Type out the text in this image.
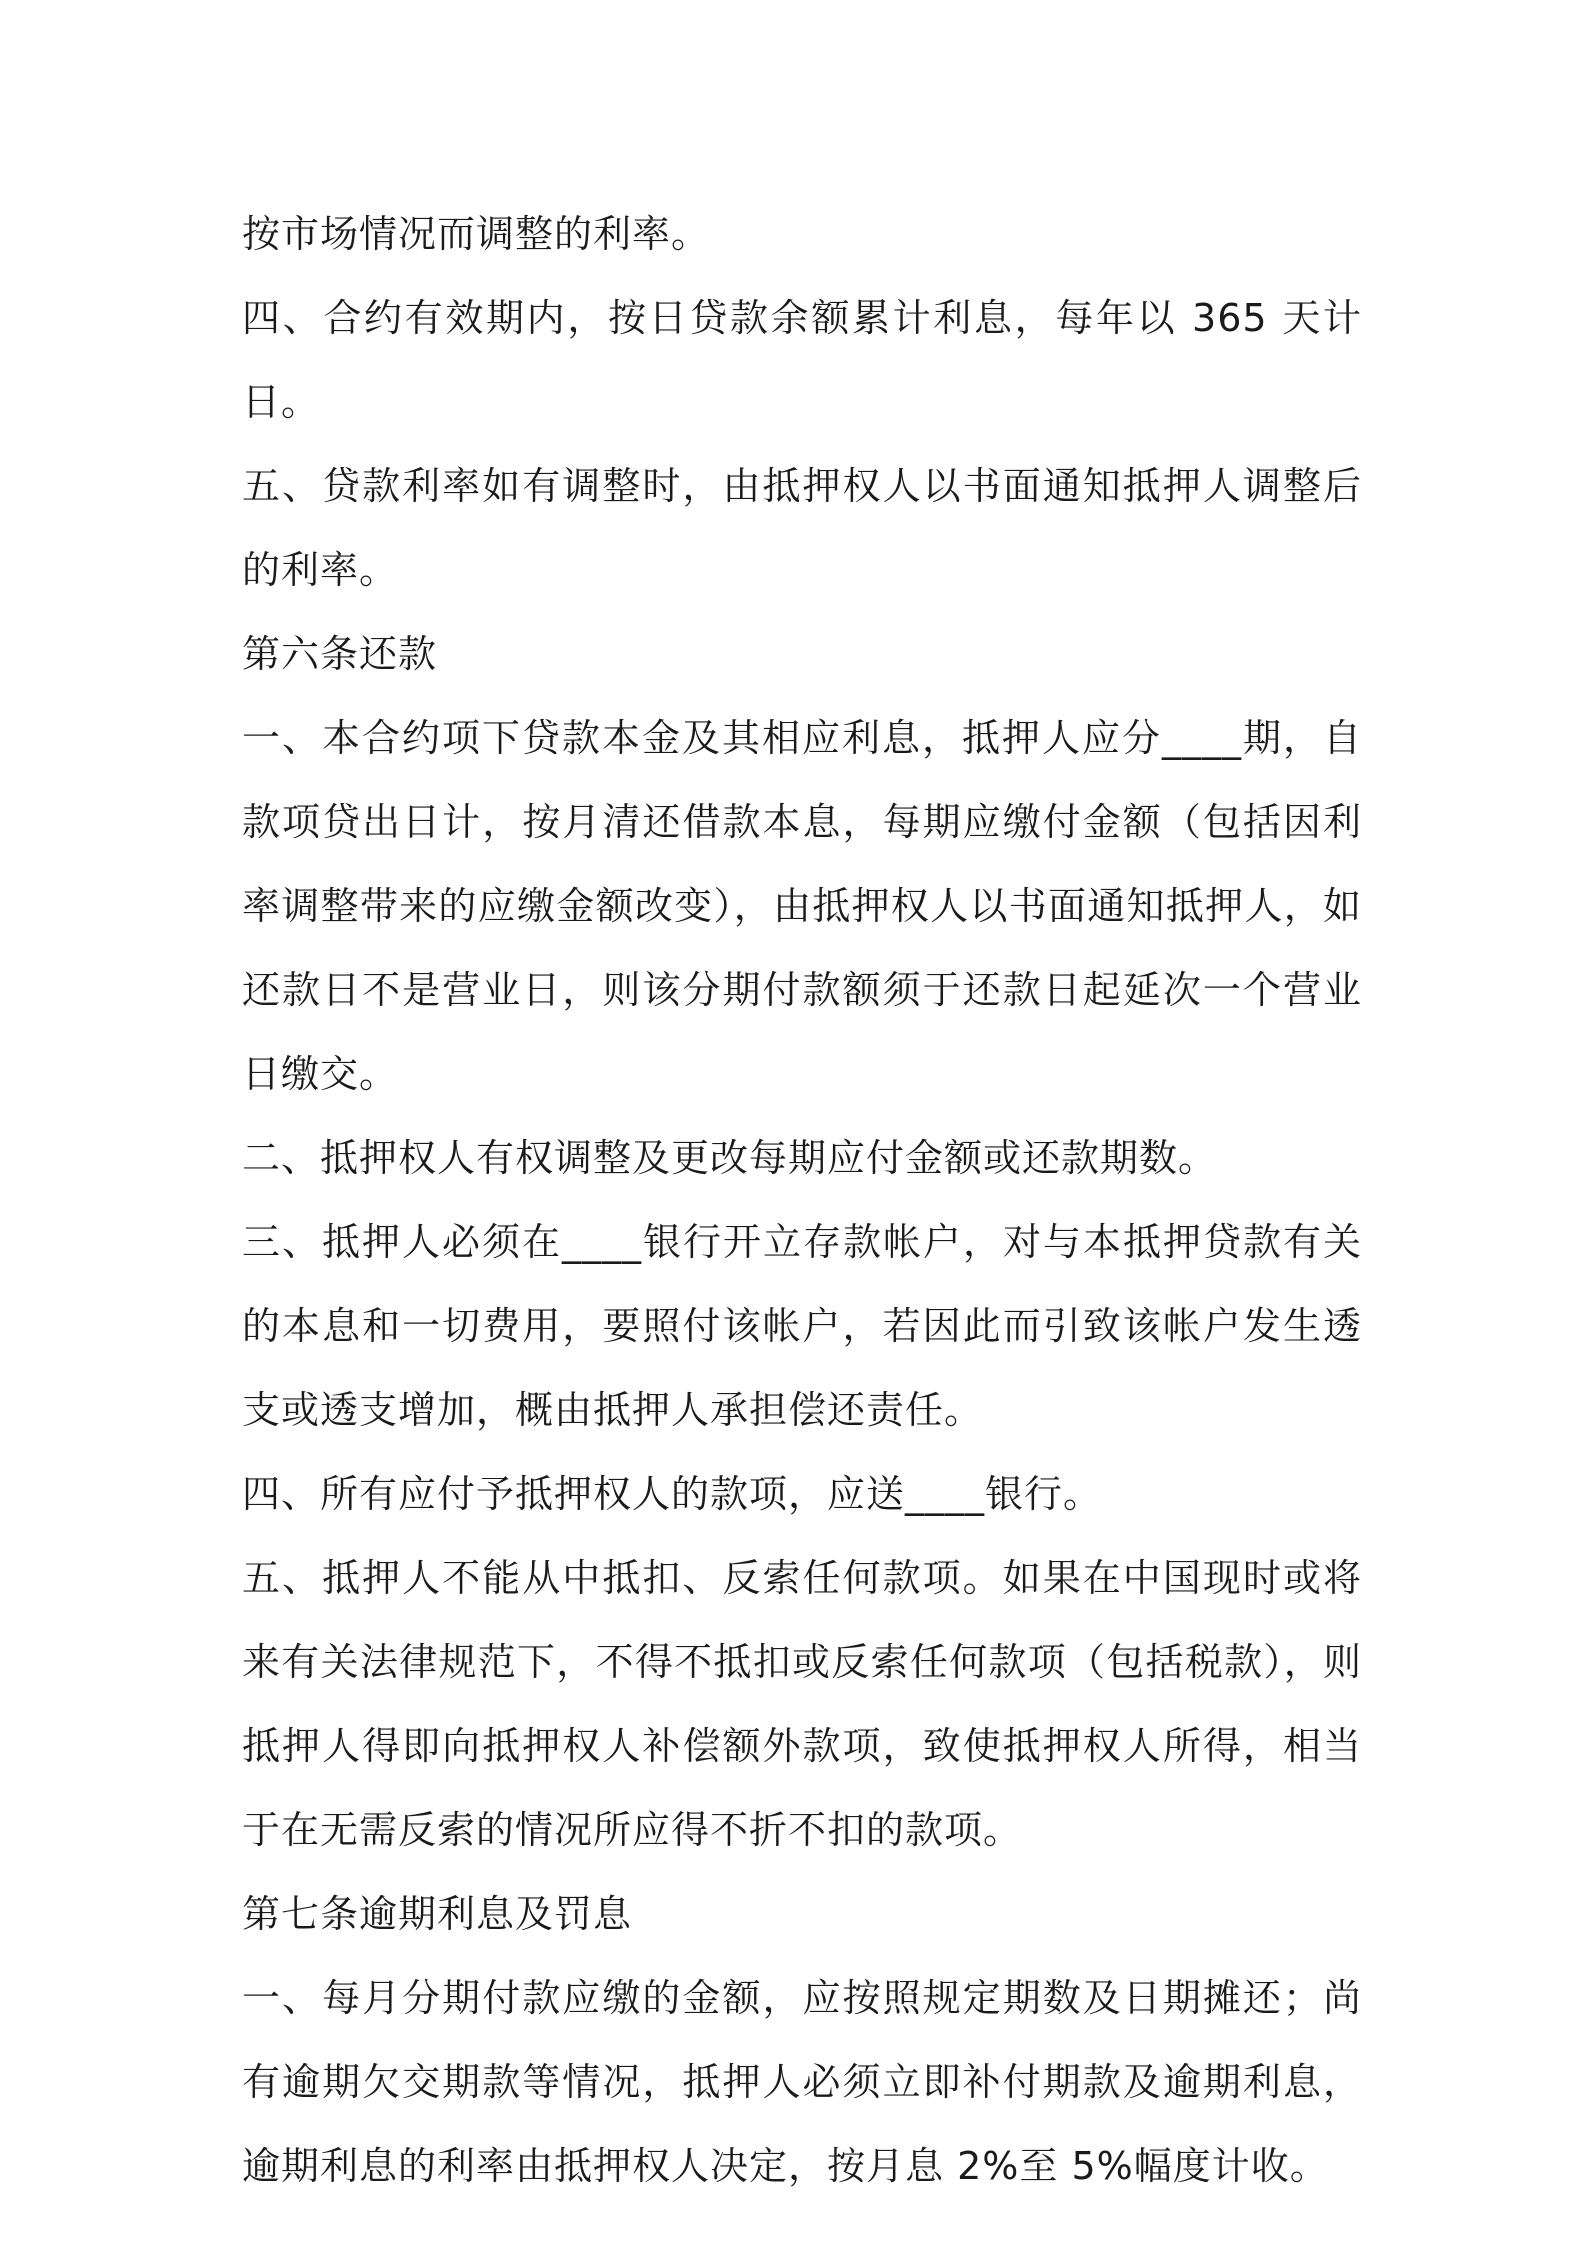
按市场情况而调整的利率。

四、合约有效期内，按日贷款余额累计利息，每年以 365 天计日。

五、贷款利率如有调整时，由抵押权人以书面通知抵押人调整后的利率。

第六条还款

一、本合约项下贷款本金及其相应利息，抵押人应分____期，自款项贷出日计，按月清还借款本息，每期应缴付金额（包括因利率调整带来的应缴金额改变），由抵押权人以书面通知抵押人，如还款日不是营业日，则该分期付款额须于还款日起延次一个营业日缴交。

二、抵押权人有权调整及更改每期应付金额或还款期数。

三、抵押人必须在____银行开立存款帐户，对与本抵押贷款有关的本息和一切费用，要照付该帐户，若因此而引致该帐户发生透支或透支增加，概由抵押人承担偿还责任。

四、所有应付予抵押权人的款项，应送____银行。

五、抵押人不能从中抵扣、反索任何款项。如果在中国现时或将来有关法律规范下，不得不抵扣或反索任何款项（包括税款），则抵押人得即向抵押权人补偿额外款项，致使抵押权人所得，相当于在无需反索的情况所应得不折不扣的款项。

第七条逾期利息及罚息

一、每月分期付款应缴的金额，应按照规定期数及日期摊还；尚有逾期欠交期款等情况，抵押人必须立即补付期款及逾期利息，逾期利息的利率由抵押权人决定，按月息 2%至 5%幅度计收。
